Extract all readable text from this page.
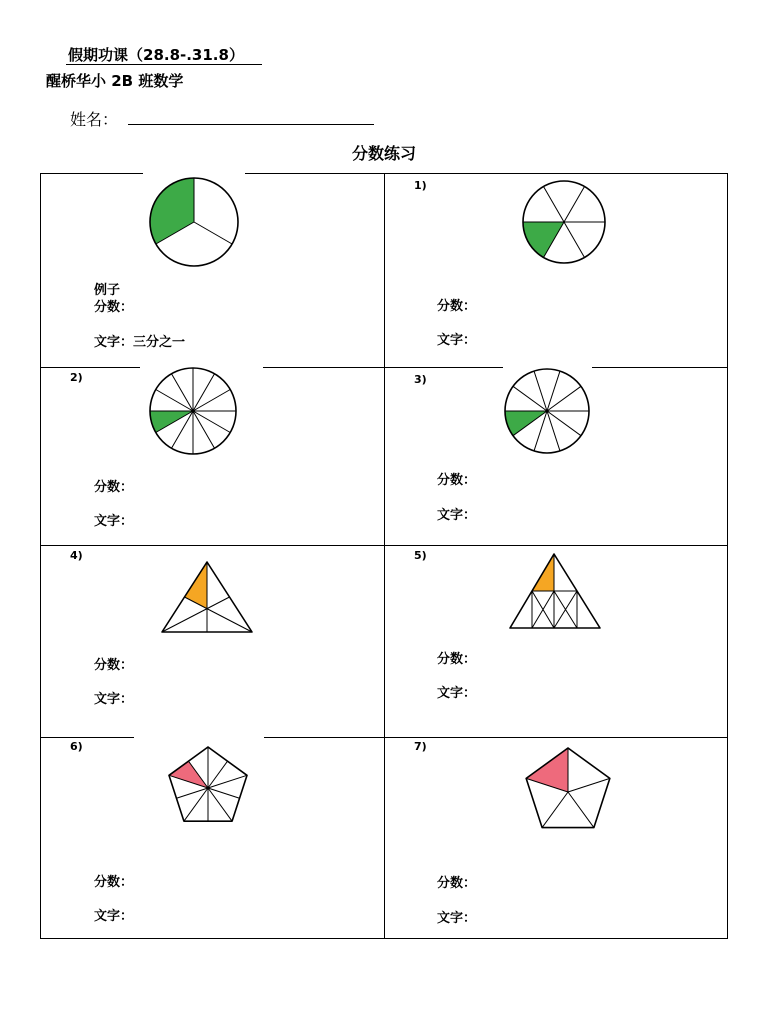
假期功课（28.8-.31.8）
醒桥华小 2B 班数学
姓名：
分数练习
例子
分数：
文字：三分之一
1)
分数：
文字：
2)
分数：
文字：
3)
分数：
文字：
4)
分数：
文字：
5)
分数：
文字：
6)
分数：
文字：
7)
分数：
文字：
